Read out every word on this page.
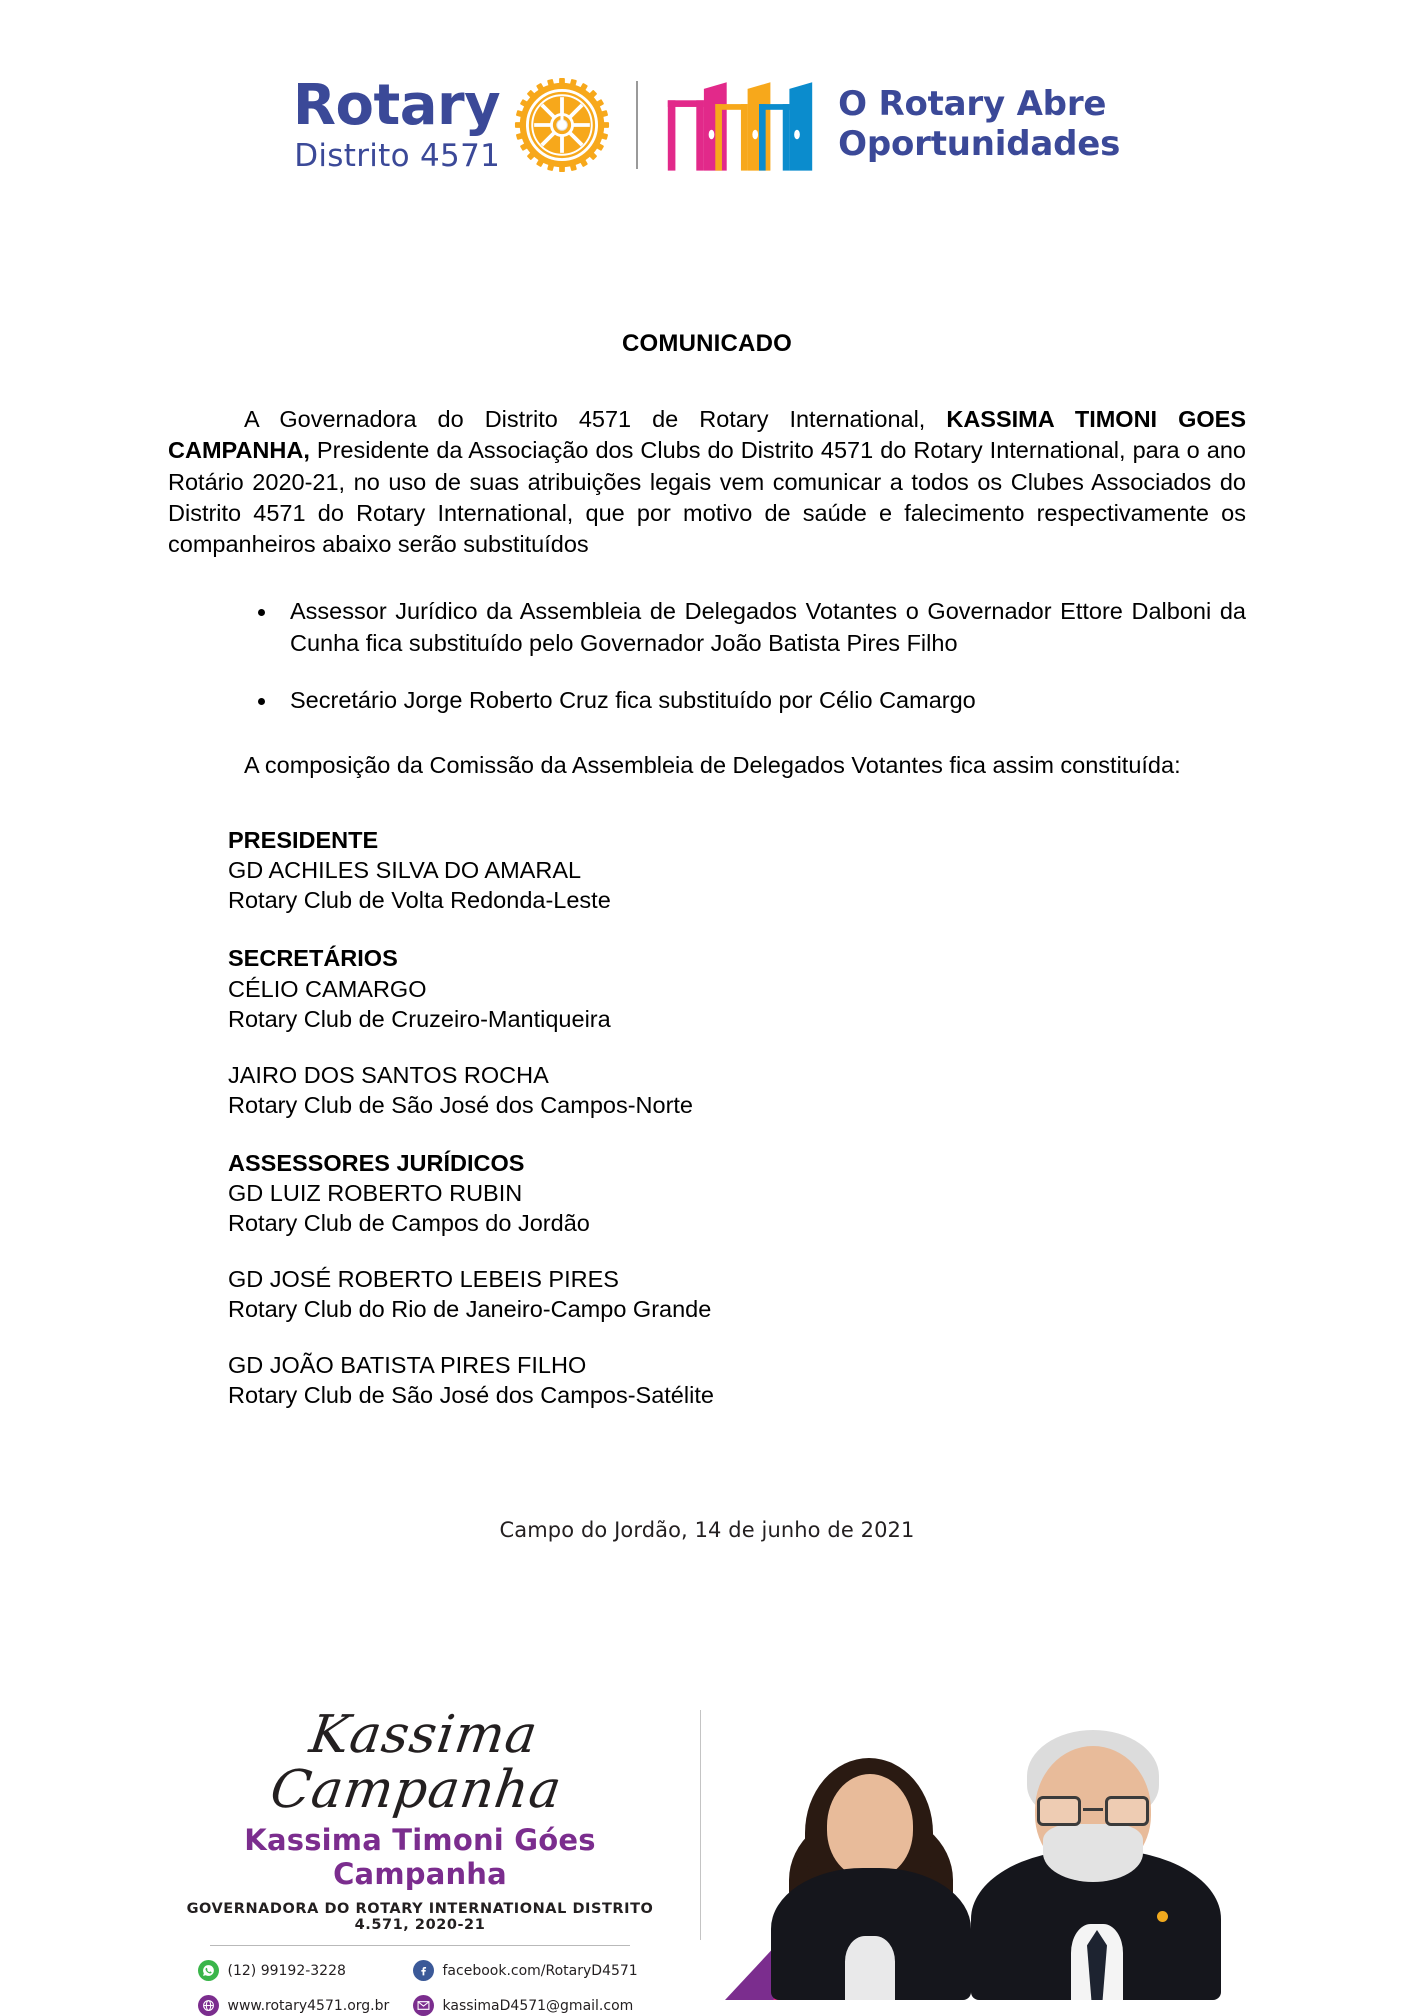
Rotary
Distrito 4571
O Rotary Abre
Oportunidades
COMUNICADO

A Governadora do Distrito 4571 de Rotary International, KASSIMA TIMONI GOES CAMPANHA, Presidente da Associação dos Clubs do Distrito 4571 do Rotary International, para o ano Rotário 2020-21, no uso de suas atribuições legais vem comunicar a todos os Clubes Associados do Distrito 4571 do Rotary International, que por motivo de saúde e falecimento respectivamente os companheiros abaixo serão substituídos

Assessor Jurídico da Assembleia de Delegados Votantes o Governador Ettore Dalboni da Cunha fica substituído pelo Governador João Batista Pires Filho
Secretário Jorge Roberto Cruz fica substituído por Célio Camargo

A composição da Comissão da Assembleia de Delegados Votantes fica assim constituída:

PRESIDENTE
GD ACHILES SILVA DO AMARAL
Rotary Club de Volta Redonda-Leste
SECRETÁRIOS
CÉLIO CAMARGO
Rotary Club de Cruzeiro-Mantiqueira
JAIRO DOS SANTOS ROCHA
Rotary Club de São José dos Campos-Norte
ASSESSORES JURÍDICOS
GD LUIZ ROBERTO RUBIN
Rotary Club de Campos do Jordão
GD JOSÉ ROBERTO LEBEIS PIRES
Rotary Club do Rio de Janeiro-Campo Grande
GD JOÃO BATISTA PIRES FILHO
Rotary Club de São José dos Campos-Satélite
Campo do Jordão, 14 de junho de 2021
Kassima Campanha
Kassima Timoni Góes Campanha
GOVERNADORA DO ROTARY INTERNATIONAL DISTRITO 4.571, 2020-21
(12) 99192-3228	facebook.com/RotaryD4571
www.rotary4571.org.br	kassimaD4571@gmail.com
